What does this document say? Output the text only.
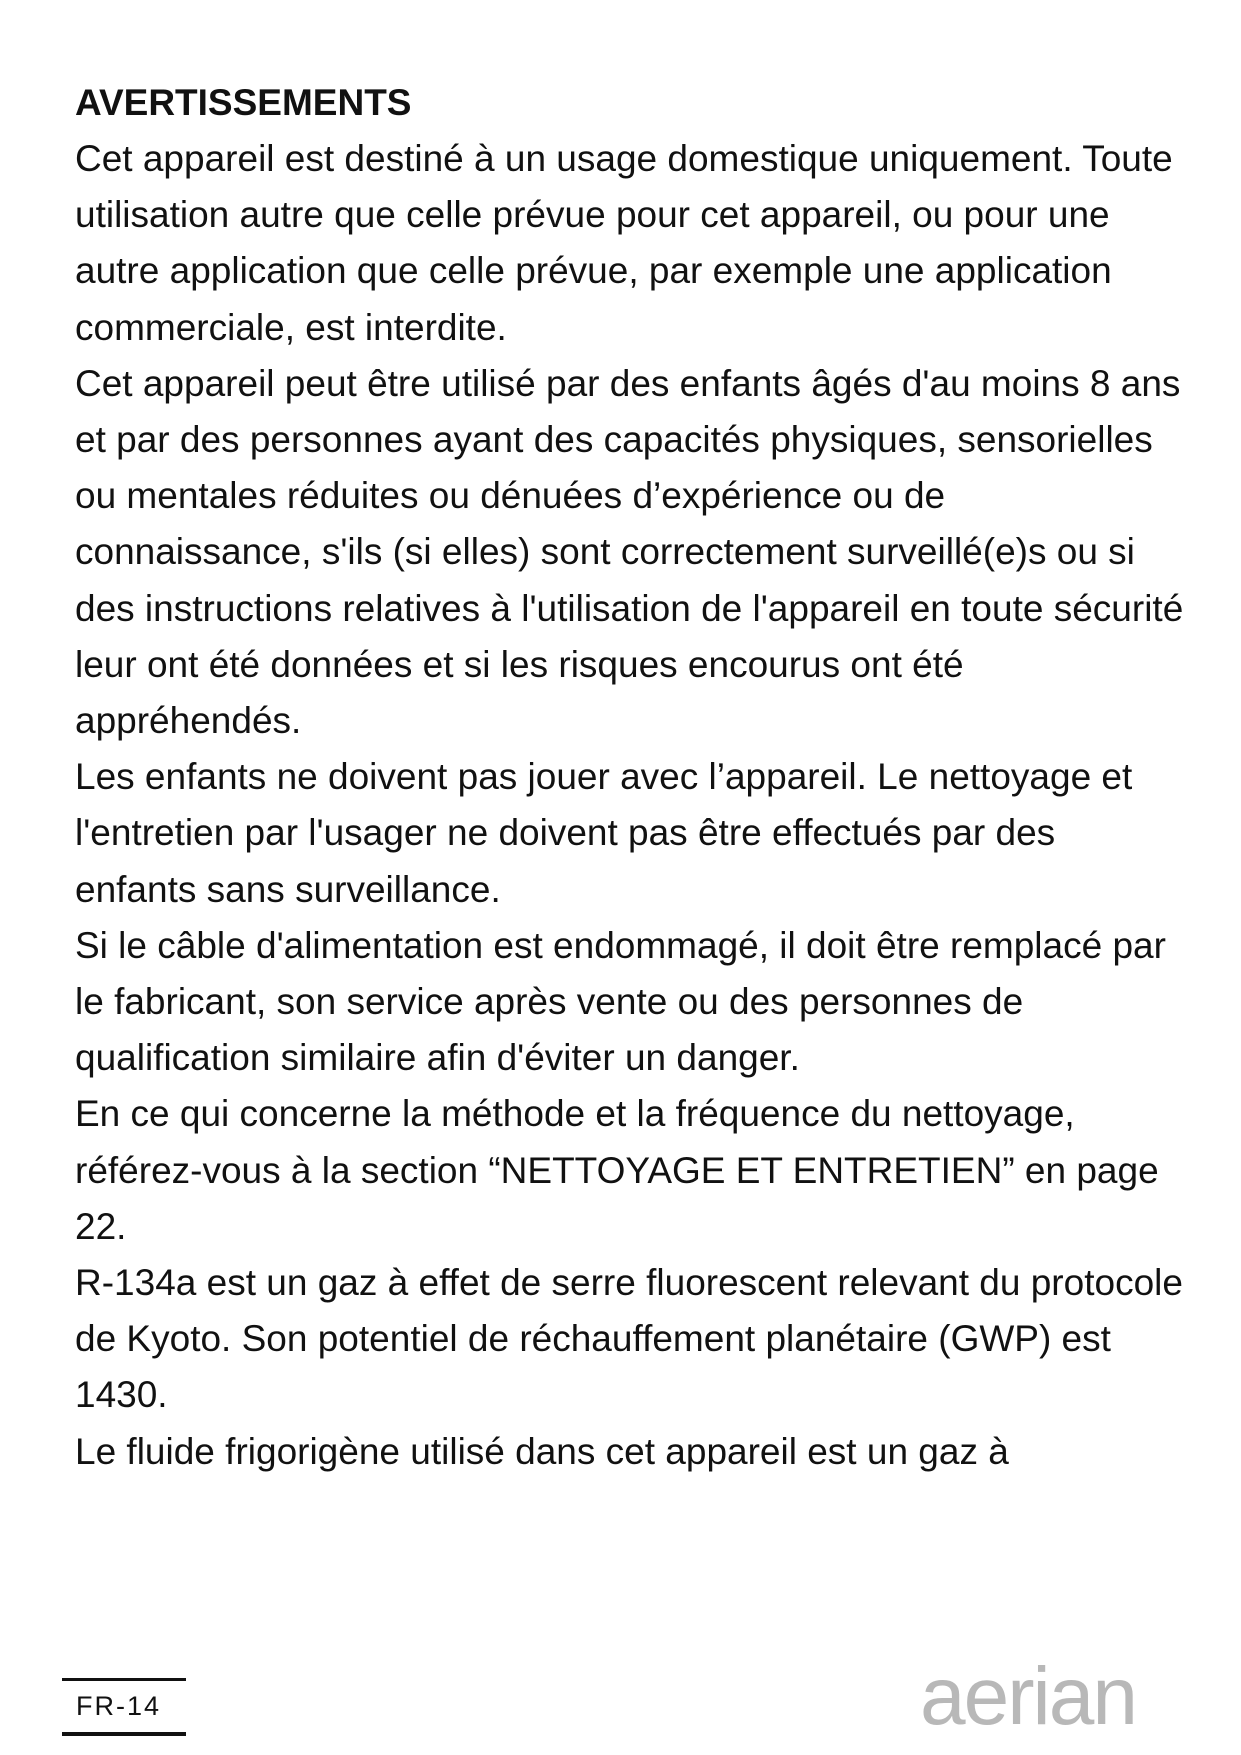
AVERTISSEMENTS

Cet appareil est destiné à un usage domestique uniquement. Toute utilisation autre que celle prévue pour cet appareil, ou pour une autre application que celle prévue, par exemple une application commerciale, est interdite.

Cet appareil peut être utilisé par des enfants âgés d'au moins 8 ans et par des personnes ayant des capacités physiques, sensorielles ou mentales réduites ou dénuées d’expérience ou de connaissance, s'ils (si elles) sont correctement surveillé(e)s ou si des instructions relatives à l'utilisation de l'appareil en toute sécurité leur ont été données et si les risques encourus ont été appréhendés.

Les enfants ne doivent pas jouer avec l’appareil. Le nettoyage et l'entretien par l'usager ne doivent pas être effectués par des enfants sans surveillance.

Si le câble d'alimentation est endommagé, il doit être remplacé par le fabricant, son service après vente ou des personnes de qualification similaire afin d'éviter un danger.

En ce qui concerne la méthode et la fréquence du nettoyage, référez-vous à la section “NETTOYAGE ET ENTRETIEN” en page 22.

R-134a est un gaz à effet de serre fluorescent relevant du protocole de Kyoto. Son potentiel de réchauffement planétaire (GWP) est 1430.

Le fluide frigorigène utilisé dans cet appareil est un gaz à

FR-14	aerian
